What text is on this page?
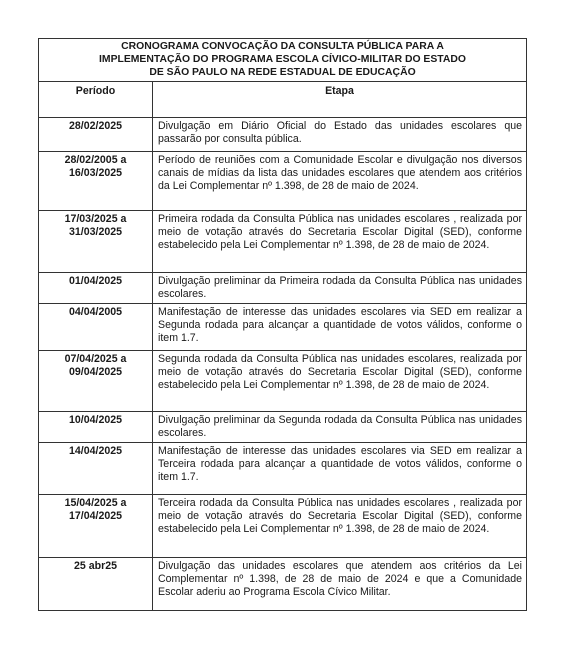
CRONOGRAMA CONVOCAÇÃO DA CONSULTA PÚBLICA PARA A
IMPLEMENTAÇÃO DO PROGRAMA ESCOLA CÍVICO-MILITAR DO ESTADO
DE SÃO PAULO NA REDE ESTADUAL DE EDUCAÇÃO	

Período	Etapa

28/02/2025	Divulgação em Diário Oficial do Estado das unidades escolares que passarão por consulta pública.

28/02/2005 a
16/03/2025	Período de reuniões com a Comunidade Escolar e divulgação nos diversos canais de mídias da lista das unidades escolares que atendem aos critérios da Lei Complementar nº 1.398, de 28 de maio de 2024.

17/03/2025 a
31/03/2025	Primeira rodada da Consulta Pública nas unidades escolares , realizada por meio de votação através do Secretaria Escolar Digital (SED), conforme estabelecido pela Lei Complementar nº 1.398, de 28 de maio de 2024.

01/04/2025	Divulgação preliminar da Primeira rodada da Consulta Pública nas unidades escolares.

04/04/2005	Manifestação de interesse das unidades escolares via SED em realizar a Segunda rodada para alcançar a quantidade de votos válidos, conforme o item 1.7.

07/04/2025 a
09/04/2025	Segunda rodada da Consulta Pública nas unidades escolares, realizada por meio de votação através do Secretaria Escolar Digital (SED), conforme estabelecido pela Lei Complementar nº 1.398, de 28 de maio de 2024.

10/04/2025	Divulgação preliminar da Segunda rodada da Consulta Pública nas unidades escolares.

14/04/2025	Manifestação de interesse das unidades escolares via SED em realizar a Terceira rodada para alcançar a quantidade de votos válidos, conforme o item 1.7.

15/04/2025 a
17/04/2025	Terceira rodada da Consulta Pública nas unidades escolares , realizada por meio de votação através do Secretaria Escolar Digital (SED), conforme estabelecido pela Lei Complementar nº 1.398, de 28 de maio de 2024.

25 abr25	Divulgação das unidades escolares que atendem aos critérios da Lei Complementar nº 1.398, de 28 de maio de 2024 e que a Comunidade Escolar aderiu ao Programa Escola Cívico Militar.
